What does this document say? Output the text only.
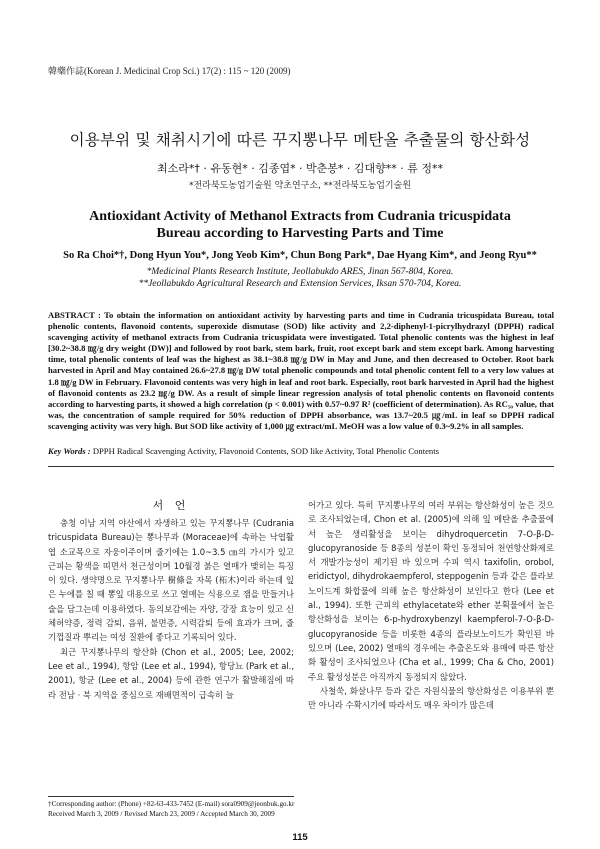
韓藥作誌(Korean J. Medicinal Crop Sci.) 17(2) : 115 ~ 120 (2009)
이용부위 및 채취시기에 따른 꾸지뽕나무 메탄올 추출물의 항산화성
최소라*† · 유동현* · 김종엽* · 박춘봉* · 김대향** · 류 정**
*전라북도농업기술원 약초연구소, **전라북도농업기술원
Antioxidant Activity of Methanol Extracts from Cudrania tricuspidata
Bureau according to Harvesting Parts and Time
So Ra Choi*†, Dong Hyun You*, Jong Yeob Kim*, Chun Bong Park*, Dae Hyang Kim*, and Jeong Ryu**
*Medicinal Plants Research Institute, Jeollabukdo ARES, Jinan 567-804, Korea.
**Jeollabukdo Agricultural Research and Extension Services, Iksan 570-704, Korea.
ABSTRACT : To obtain the information on antioxidant activity by harvesting parts and time in Cudrania tricuspidata Bureau, total phenolic contents, flavonoid contents, superoxide dismutase (SOD) like activity and 2,2-diphenyl-1-picrylhydrazyl (DPPH) radical scavenging activity of methanol extracts from Cudrania tricuspidata were investigated. Total phenolic contents was the highest in leaf [30.2~38.8 ㎎/g dry weight (DW)] and followed by root bark, stem bark, fruit, root except bark and stem except bark. Among harvesting time, total phenolic contents of leaf was the highest as 38.1~38.8 ㎎/g DW in May and June, and then decreased to October. Root bark harvested in April and May contained 26.6~27.8 ㎎/g DW total phenolic compounds and total phenolic content fell to a very low values at 1.8 ㎎/g DW in February. Flavonoid contents was very high in leaf and root bark. Especially, root bark harvested in April had the highest of flavonoid contents as 23.2 ㎎/g DW. As a result of simple linear regression analysis of total phenolic contents on flavonoid contents according to harvesting parts, it showed a high correlation (p < 0.001) with 0.57~0.97 R² (coefficient of determination). As RC₅₀ value, that was, the concentration of sample required for 50% reduction of DPPH absorbance, was 13.7~20.5 ㎍/mL in leaf so DPPH radical scavenging activity was very high. But SOD like activity of 1,000 ㎍ extract/mL MeOH was a low value of 0.3~9.2% in all samples.
Key Words : DPPH Radical Scavenging Activity, Flavonoid Contents, SOD like Activity, Total Phenolic Contents
서 언

충청 이남 지역 야산에서 자생하고 있는 꾸지뽕나무 (Cudrania tricuspidata Bureau)는 뽕나무과 (Moraceae)에 속하는 낙엽활엽 소교목으로 자웅이주이며 줄기에는 1.0~3.5 ㎝의 가시가 있고 근피는 황색을 띠면서 천근성이며 10월경 붉은 열매가 맺히는 특징이 있다. 생약명으로 꾸지뽕나무 樹條을 자목 (柘木)이라 하는데 잎은 누에를 칠 때 뽕잎 대용으로 쓰고 열매는 식용으로 잼을 만들거나 술을 담그는데 이용하였다. 동의보감에는 자양, 강장 효능이 있고 신체허약증, 정력 감퇴, 음위, 불면증, 시력감퇴 등에 효과가 크며, 줄기껍질과 뿌리는 여성 질환에 좋다고 기록되어 있다.

최근 꾸지뽕나무의 항산화 (Chon et al., 2005; Lee, 2002; Lee et al., 1994), 항암 (Lee et al., 1994), 항당뇨 (Park et al., 2001), 항균 (Lee et al., 2004) 등에 관한 연구가 활발해짐에 따라 전남 · 북 지역을 중심으로 재배면적이 급속히 늘

어가고 있다. 특히 꾸지뽕나무의 여러 부위는 항산화성이 높은 것으로 조사되었는데, Chon et al. (2005)에 의해 잎 메탄올 추출물에서 높은 생리활성을 보이는 dihydroquercetin 7-O-β-D-glucopyranoside 등 8종의 성분이 확인 동정되어 천연항산화제로서 개발가능성이 제기된 바 있으며 수피 역시 taxifolin, orobol, eridictyol, dihydrokaempferol, steppogenin 등과 같은 플라보노이드계 화합물에 의해 높은 항산화성이 보인다고 한다 (Lee et al., 1994). 또한 근피의 ethylacetate와 ether 분획물에서 높은 항산화성을 보이는 6-p-hydroxybenzyl kaempferol-7-O-β-D-glucopyranoside 등을 비롯한 4종의 플라보노이드가 확인된 바 있으며 (Lee, 2002) 열매의 경우에는 추출온도와 용매에 따른 항산화 활성이 조사되었으나 (Cha et al., 1999; Cha & Cho, 2001) 주요 활성성분은 아직까지 동정되지 않았다.

사철쑥, 화살나무 등과 같은 자원식물의 항산화성은 이용부위 뿐만 아니라 수확시기에 따라서도 매우 차이가 많은데

†Corresponding author: (Phone) +82-63-433-7452 (E-mail) sora0909@jeonbuk.go.kr
Received March 3, 2009 / Revised March 23, 2009 / Accepted March 30, 2009
115
